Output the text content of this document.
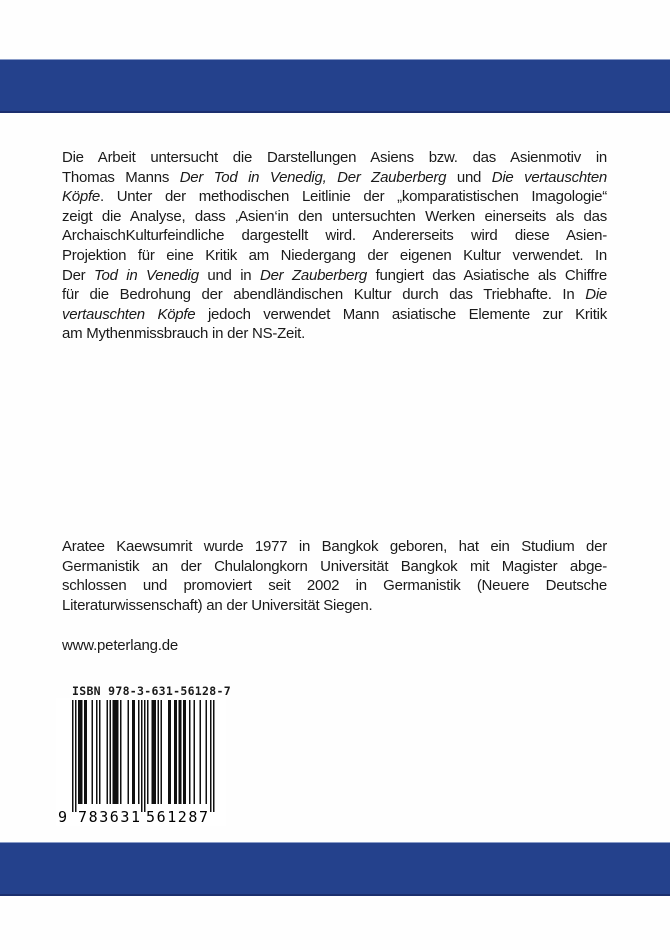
Die Arbeit untersucht die Darstellungen Asiens bzw. das Asienmotiv in
Thomas Manns Der Tod in Venedig, Der Zauberberg und Die vertauschten
Köpfe. Unter der methodischen Leitlinie der „komparatistischen Imagologie“
zeigt die Analyse, dass ‚Asien‘in den untersuchten Werken einerseits als das
ArchaischKulturfeindliche dargestellt wird. Andererseits wird diese Asien-
Projektion für eine Kritik am Niedergang der eigenen Kultur verwendet. In
Der Tod in Venedig und in Der Zauberberg fungiert das Asiatische als Chiffre
für die Bedrohung der abendländischen Kultur durch das Triebhafte. In Die
vertauschten Köpfe jedoch verwendet Mann asiatische Elemente zur Kritik
am Mythenmissbrauch in der NS-Zeit.
Aratee Kaewsumrit wurde 1977 in Bangkok geboren, hat ein Studium der
Germanistik an der Chulalongkorn Universität Bangkok mit Magister abge-
schlossen und promoviert seit 2002 in Germanistik (Neuere Deutsche
Literaturwissenschaft) an der Universität Siegen.
www.peterlang.de
ISBN 978-3-631-56128-7
9 783631 561287
